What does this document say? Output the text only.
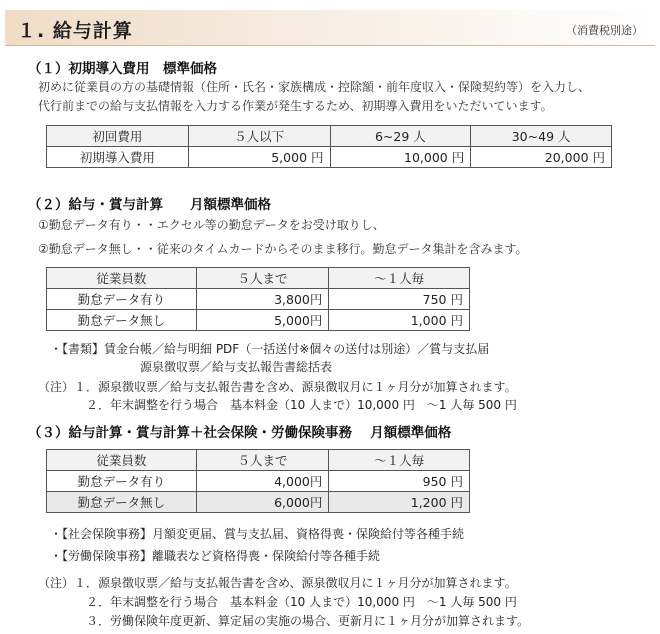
１. 給与計算	（消費税別途）
（１）初期導入費用　標準価格
初めに従業員の方の基礎情報（住所・氏名・家族構成・控除額・前年度収入・保険契約等）を入力し、
代行前までの給与支払情報を入力する作業が発生するため、初期導入費用をいただいています。
初回費用	５人以下	6~29 人	30~49 人
初期導入費用	5,000 円	10,000 円	20,000 円
（２）給与・賞与計算　　月額標準価格
①勤怠データ有り・・エクセル等の勤怠データをお受け取りし、
②勤怠データ無し・・従来のタイムカードからそのまま移行。勤怠データ集計を含みます。
従業員数	５人まで	～１人毎
勤怠データ有り	3,800円	750 円
勤怠データ無し	5,000円	1,000 円
・【書類】賃金台帳／給与明細 PDF（一括送付※個々の送付は別途）／賞与支払届
源泉徴収票／給与支払報告書総括表
（注）１．源泉徴収票／給与支払報告書を含め、源泉徴収月に１ヶ月分が加算されます。
２．年末調整を行う場合　基本料金（10 人まで）10,000 円　～1 人毎 500 円
（３）給与計算・賞与計算＋社会保険・労働保険事務　 月額標準価格
従業員数	５人まで	～１人毎
勤怠データ有り	4,000円	950 円
勤怠データ無し	6,000円	1,200 円
・【社会保険事務】月額変更届、賞与支払届、資格得喪・保険給付等各種手続
・【労働保険事務】離職表など資格得喪・保険給付等各種手続
（注）１．源泉徴収票／給与支払報告書を含め、源泉徴収月に１ヶ月分が加算されます。
２．年末調整を行う場合　基本料金（10 人まで）10,000 円　～1 人毎 500 円
３．労働保険年度更新、算定届の実施の場合、更新月に１ヶ月分が加算されます。
